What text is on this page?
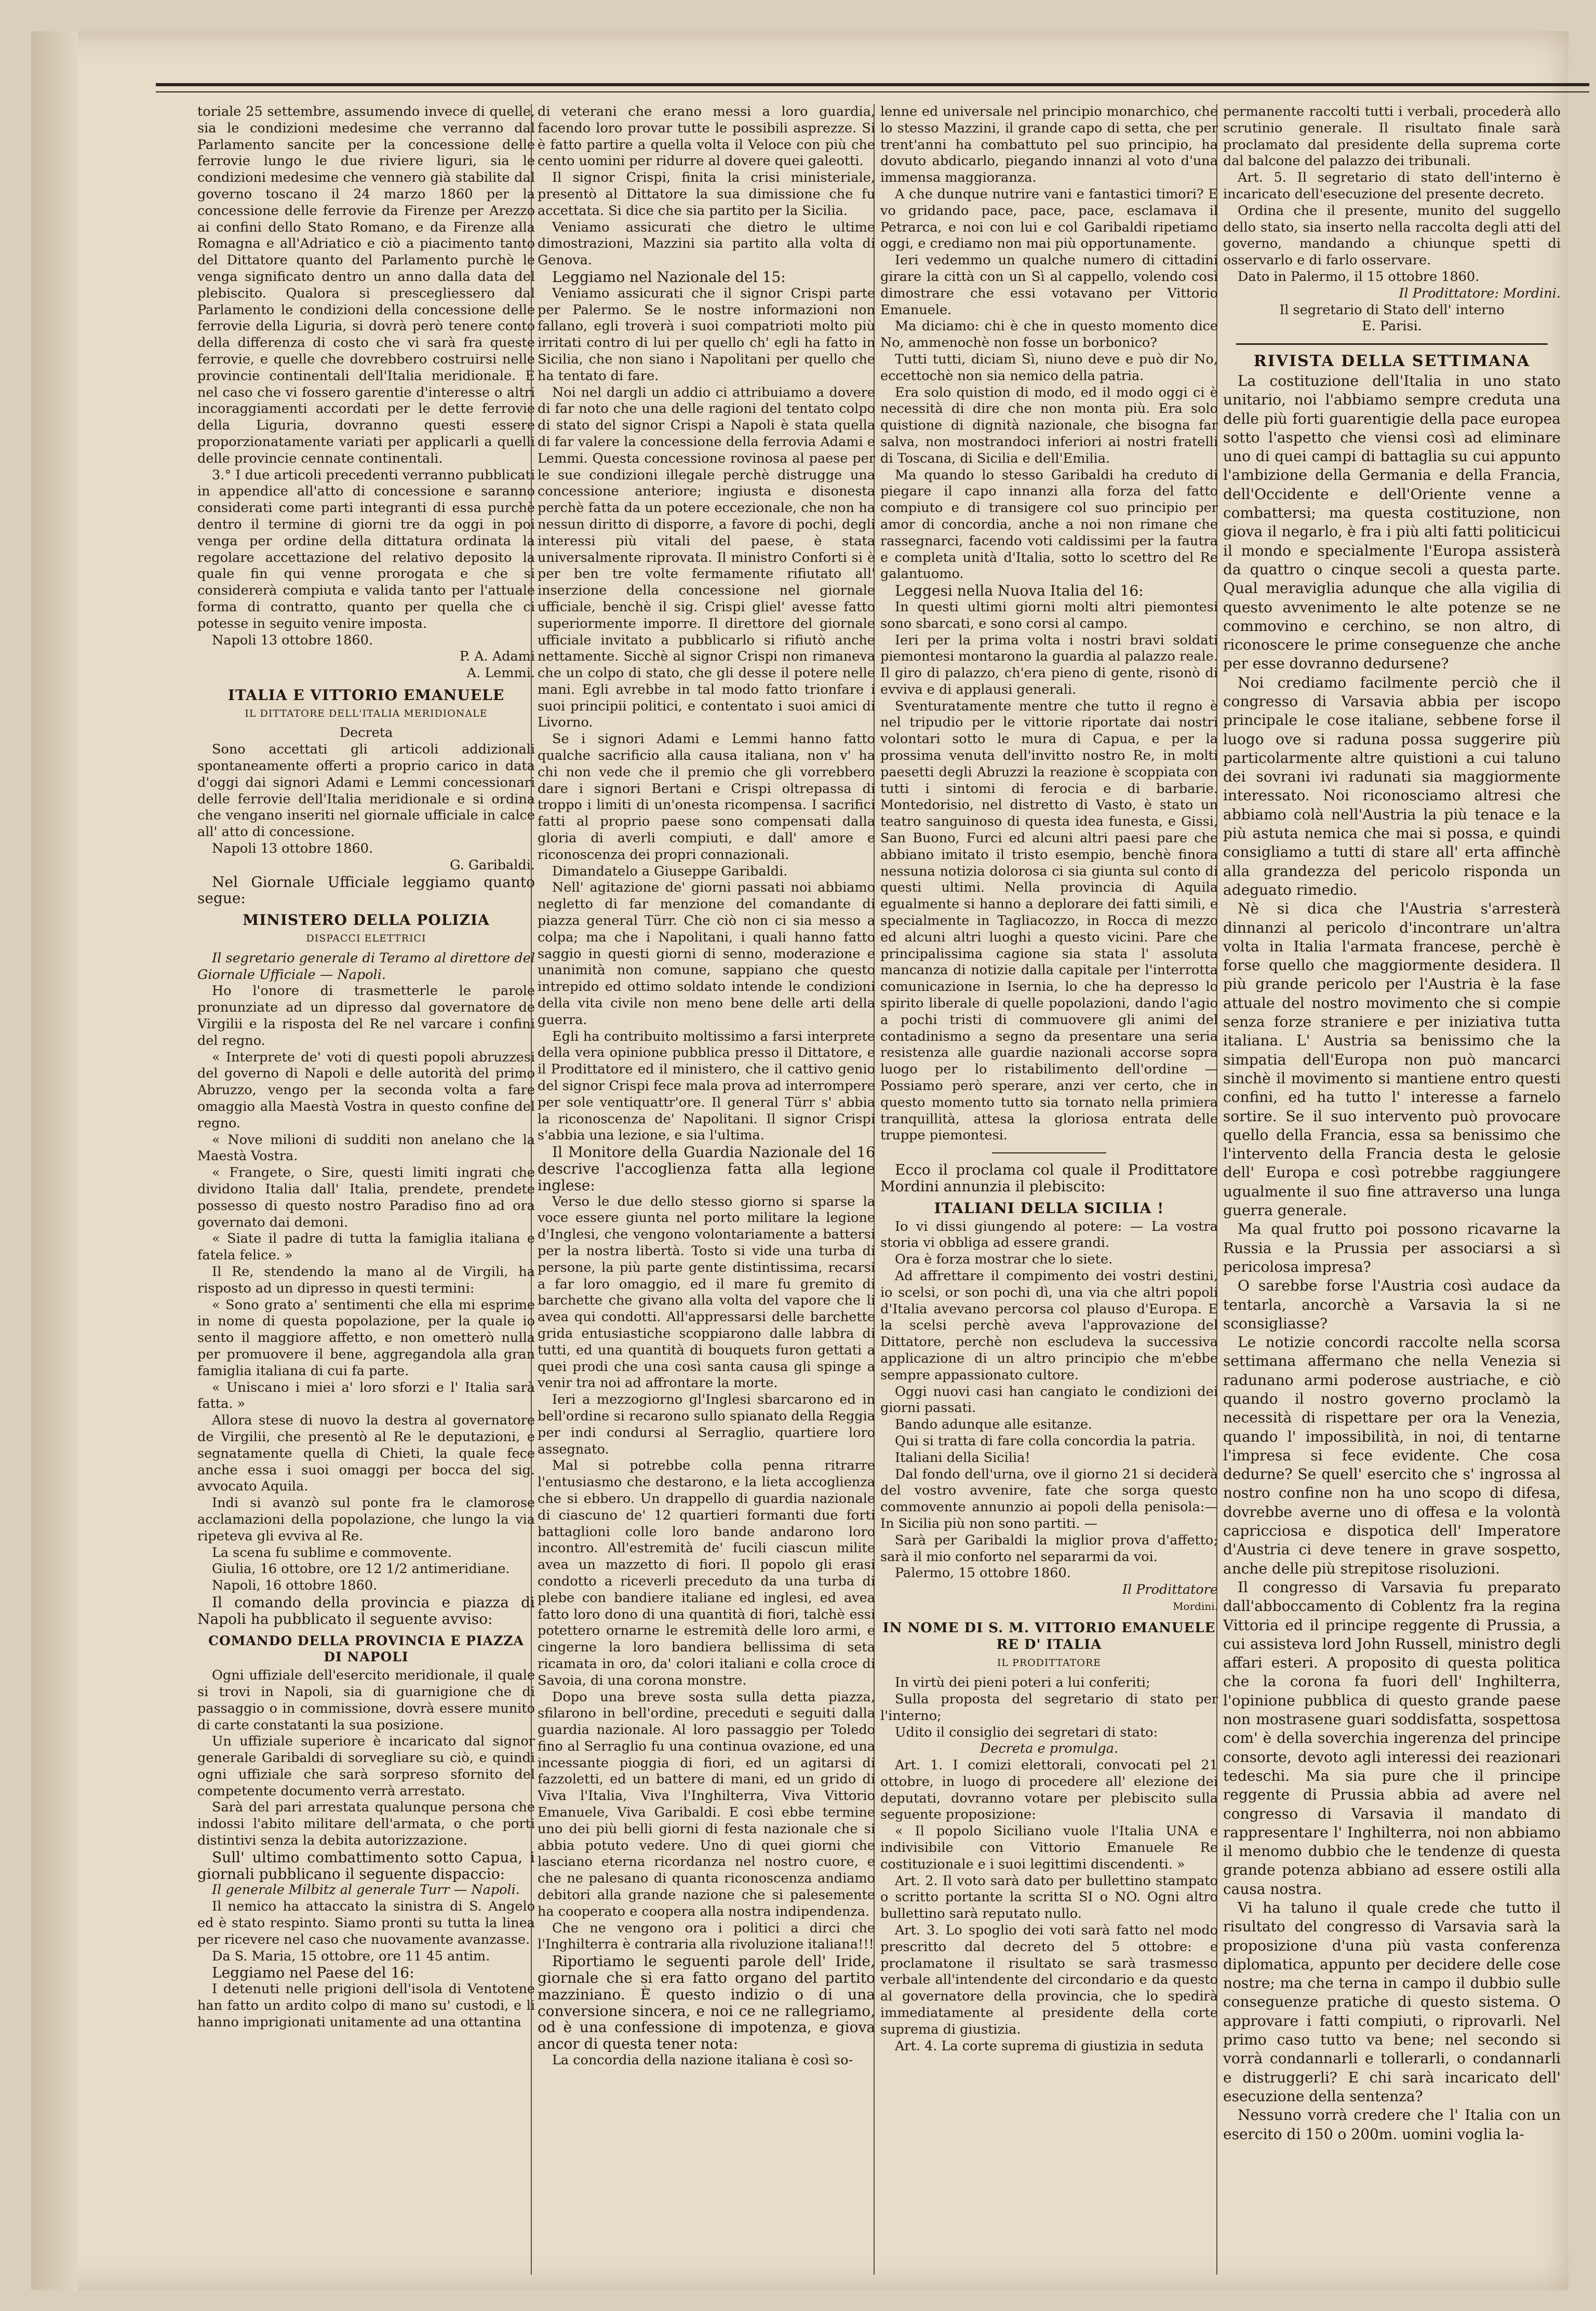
toriale 25 settembre, assumendo invece di quelle, sia le condizioni medesime che verranno dal Parlamento sancite per la concessione delle ferrovie lungo le due riviere liguri, sia le condizioni medesime che vennero già stabilite dal governo toscano il 24 marzo 1860 per la concessione delle ferrovie da Firenze per Arezzo ai confini dello Stato Romano, e da Firenze alla Romagna e all'Adriatico e ciò a piacimento tanto del Dittatore quanto del Parlamento purchè le venga significato dentro un anno dalla data del plebiscito. Qualora si prescegliessero dal Parlamento le condizioni della concessione delle ferrovie della Liguria, si dovrà però tenere conto della differenza di costo che vi sarà fra queste ferrovie, e quelle che dovrebbero costruirsi nelle provincie continentali dell'Italia meridionale. E nel caso che vi fossero garentie d'interesse o altri incoraggiamenti accordati per le dette ferrovie della Liguria, dovranno questi essere proporzionatamente variati per applicarli a quelli delle provincie cennate continentali.

3.° I due articoli precedenti verranno pubblicati in appendice all'atto di concessione e saranno considerati come parti integranti di essa purchè dentro il termine di giorni tre da oggi in poi venga per ordine della dittatura ordinata la regolare accettazione del relativo deposito la quale fin qui venne prorogata e che si considererà compiuta e valida tanto per l'attuale forma di contratto, quanto per quella che ci potesse in seguito venire imposta.

Napoli 13 ottobre 1860.

P. A. Adami

A. Lemmi.

ITALIA E VITTORIO EMANUELE

IL DITTATORE DELL'ITALIA MERIDIONALE

Decreta

Sono accettati gli articoli addizionali spontaneamente offerti a proprio carico in data d'oggi dai signori Adami e Lemmi concessionari delle ferrovie dell'Italia meridionale e si ordina che vengano inseriti nel giornale ufficiale in calce all' atto di concessione.

Napoli 13 ottobre 1860.

G. Garibaldi.

Nel Giornale Ufficiale leggiamo quanto segue:

MINISTERO DELLA POLIZIA

DISPACCI ELETTRICI

Il segretario generale di Teramo al direttore del Giornale Ufficiale — Napoli.

Ho l'onore di trasmetterle le parole pronunziate ad un dipresso dal governatore de Virgilii e la risposta del Re nel varcare i confini del regno.

« Interprete de' voti di questi popoli abruzzesi del governo di Napoli e delle autorità del primo Abruzzo, vengo per la seconda volta a fare omaggio alla Maestà Vostra in questo confine del regno.

« Nove milioni di sudditi non anelano che la Maestà Vostra.

« Frangete, o Sire, questi limiti ingrati che dividono Italia dall' Italia, prendete, prendete possesso di questo nostro Paradiso fino ad ora governato dai demoni.

« Siate il padre di tutta la famiglia italiana e fatela felice. »

Il Re, stendendo la mano al de Virgili, ha risposto ad un dipresso in questi termini:

« Sono grato a' sentimenti che ella mi esprime in nome di questa popolazione, per la quale io sento il maggiore affetto, e non ometterò nulla per promuovere il bene, aggregandola alla gran famiglia italiana di cui fa parte.

« Uniscano i miei a' loro sforzi e l' Italia sarà fatta. »

Allora stese di nuovo la destra al governatore de Virgilii, che presentò al Re le deputazioni, e segnatamente quella di Chieti, la quale fece anche essa i suoi omaggi per bocca del sig. avvocato Aquila.

Indi si avanzò sul ponte fra le clamorose acclamazioni della popolazione, che lungo la via ripeteva gli evviva al Re.

La scena fu sublime e commovente.

Giulia, 16 ottobre, ore 12 1/2 antimeridiane.

Napoli, 16 ottobre 1860.

Il comando della provincia e piazza di Napoli ha pubblicato il seguente avviso:

COMANDO DELLA PROVINCIA E PIAZZA DI NAPOLI

Ogni uffiziale dell'esercito meridionale, il quale si trovi in Napoli, sia di guarnigione che di passaggio o in commissione, dovrà essere munito di carte constatanti la sua posizione.

Un uffiziale superiore è incaricato dal signor generale Garibaldi di sorvegliare su ciò, e quindi ogni uffiziale che sarà sorpreso sfornito del competente documento verrà arrestato.

Sarà del pari arrestata qualunque persona che indossi l'abito militare dell'armata, o che porti distintivi senza la debita autorizzazione.

Sull' ultimo combattimento sotto Capua, i giornali pubblicano il seguente dispaccio:

Il generale Milbitz al generale Turr — Napoli.

Il nemico ha attaccato la sinistra di S. Angelo ed è stato respinto. Siamo pronti su tutta la linea per ricevere nel caso che nuovamente avanzasse.

Da S. Maria, 15 ottobre, ore 11 45 antim.

Leggiamo nel Paese del 16:

I detenuti nelle prigioni dell'isola di Ventotene han fatto un ardito colpo di mano su' custodi, e li hanno imprigionati unitamente ad una ottantina

di veterani che erano messi a loro guardia, facendo loro provar tutte le possibili asprezze. Si è fatto partire a quella volta il Veloce con più che cento uomini per ridurre al dovere quei galeotti.

Il signor Crispi, finita la crisi ministeriale, presentò al Dittatore la sua dimissione che fu accettata. Si dice che sia partito per la Sicilia.

Veniamo assicurati che dietro le ultime dimostrazioni, Mazzini sia partito alla volta di Genova.

Leggiamo nel Nazionale del 15:

Veniamo assicurati che il signor Crispi parte per Palermo. Se le nostre informazioni non fallano, egli troverà i suoi compatrioti molto più irritati contro di lui per quello ch' egli ha fatto in Sicilia, che non siano i Napolitani per quello che ha tentato di fare.

Noi nel dargli un addio ci attribuiamo a dovere di far noto che una delle ragioni del tentato colpo di stato del signor Crispi a Napoli è stata quella di far valere la concessione della ferrovia Adami e Lemmi. Questa concessione rovinosa al paese per le sue condizioni illegale perchè distrugge una concessione anteriore; ingiusta e disonesta perchè fatta da un potere eccezionale, che non ha nessun diritto di disporre, a favore di pochi, degli interessi più vitali del paese, è stata universalmente riprovata. Il ministro Conforti si è per ben tre volte fermamente rifiutato all' inserzione della concessione nel giornale ufficiale, benchè il sig. Crispi gliel' avesse fatto superiormente imporre. Il direttore del giornale ufficiale invitato a pubblicarlo si rifiutò anche nettamente. Sicchè al signor Crispi non rimaneva che un colpo di stato, che gli desse il potere nelle mani. Egli avrebbe in tal modo fatto trionfare i suoi principii politici, e contentato i suoi amici di Livorno.

Se i signori Adami e Lemmi hanno fatto qualche sacrificio alla causa italiana, non v' ha chi non vede che il premio che gli vorrebbero dare i signori Bertani e Crispi oltrepassa di troppo i limiti di un'onesta ricompensa. I sacrifici fatti al proprio paese sono compensati dalla gloria di averli compiuti, e dall' amore e riconoscenza dei propri connazionali.

Dimandatelo a Giuseppe Garibaldi.

Nell' agitazione de' giorni passati noi abbiamo negletto di far menzione del comandante di piazza general Türr. Che ciò non ci sia messo a colpa; ma che i Napolitani, i quali hanno fatto saggio in questi giorni di senno, moderazione e unanimità non comune, sappiano che questo intrepido ed ottimo soldato intende le condizioni della vita civile non meno bene delle arti della guerra.

Egli ha contribuito moltissimo a farsi interprete della vera opinione pubblica presso il Dittatore, e il Prodittatore ed il ministero, che il cattivo genio del signor Crispi fece mala prova ad interrompere per sole ventiquattr'ore. Il general Türr s' abbia la riconoscenza de' Napolitani. Il signor Crispi s'abbia una lezione, e sia l'ultima.

Il Monitore della Guardia Nazionale del 16 descrive l'accoglienza fatta alla legione inglese:

Verso le due dello stesso giorno si sparse la voce essere giunta nel porto militare la legione d'Inglesi, che vengono volontariamente a battersi per la nostra libertà. Tosto si vide una turba di persone, la più parte gente distintissima, recarsi a far loro omaggio, ed il mare fu gremito di barchette che givano alla volta del vapore che li avea qui condotti. All'appressarsi delle barchette grida entusiastiche scoppiarono dalle labbra di tutti, ed una quantità di bouquets furon gettati a quei prodi che una così santa causa gli spinge a venir tra noi ad affrontare la morte.

Ieri a mezzogiorno gl'Inglesi sbarcarono ed in bell'ordine si recarono sullo spianato della Reggia per indi condursi al Serraglio, quartiere loro assegnato.

Mal si potrebbe colla penna ritrarre l'entusiasmo che destarono, e la lieta accoglienza che si ebbero. Un drappello di guardia nazionale di ciascuno de' 12 quartieri formanti due forti battaglioni colle loro bande andarono loro incontro. All'estremità de' fucili ciascun milite avea un mazzetto di fiori. Il popolo gli erasi condotto a riceverli preceduto da una turba di plebe con bandiere italiane ed inglesi, ed avea fatto loro dono di una quantità di fiori, talchè essi potettero ornarne le estremità delle loro armi, e cingerne la loro bandiera bellissima di seta ricamata in oro, da' colori italiani e colla croce di Savoia, di una corona monstre.

Dopo una breve sosta sulla detta piazza, sfilarono in bell'ordine, preceduti e seguiti dalla guardia nazionale. Al loro passaggio per Toledo fino al Serraglio fu una continua ovazione, ed una incessante pioggia di fiori, ed un agitarsi di fazzoletti, ed un battere di mani, ed un grido di Viva l'Italia, Viva l'Inghilterra, Viva Vittorio Emanuele, Viva Garibaldi. E così ebbe termine uno dei più belli giorni di festa nazionale che si abbia potuto vedere. Uno di quei giorni che lasciano eterna ricordanza nel nostro cuore, e che ne palesano di quanta riconoscenza andiamo debitori alla grande nazione che si palesemente ha cooperato e coopera alla nostra indipendenza.

Che ne vengono ora i politici a dirci che l'Inghilterra è contraria alla rivoluzione italiana!!!

Riportiamo le seguenti parole dell' Iride, giornale che si era fatto organo del partito mazziniano. È questo indizio o di una conversione sincera, e noi ce ne rallegriamo, od è una confessione di impotenza, e giova ancor di questa tener nota:

La concordia della nazione italiana è così so-

lenne ed universale nel principio monarchico, che lo stesso Mazzini, il grande capo di setta, che per trent'anni ha combattuto pel suo principio, ha dovuto abdicarlo, piegando innanzi al voto d'una immensa maggioranza.

A che dunque nutrire vani e fantastici timori? E vo gridando pace, pace, pace, esclamava il Petrarca, e noi con lui e col Garibaldi ripetiamo oggi, e crediamo non mai più opportunamente.

Ieri vedemmo un qualche numero di cittadini girare la città con un Sì al cappello, volendo così dimostrare che essi votavano per Vittorio Emanuele.

Ma diciamo: chi è che in questo momento dice No, ammenochè non fosse un borbonico?

Tutti tutti, diciam Sì, niuno deve e può dir No, eccettochè non sia nemico della patria.

Era solo quistion di modo, ed il modo oggi ci è necessità di dire che non monta più. Era solo quistione di dignità nazionale, che bisogna far salva, non mostrandoci inferiori ai nostri fratelli di Toscana, di Sicilia e dell'Emilia.

Ma quando lo stesso Garibaldi ha creduto di piegare il capo innanzi alla forza del fatto compiuto e di transigere col suo principio per amor di concordia, anche a noi non rimane che rassegnarci, facendo voti caldissimi per la fautra e completa unità d'Italia, sotto lo scettro del Re galantuomo.

Leggesi nella Nuova Italia del 16:

In questi ultimi giorni molti altri piemontesi sono sbarcati, e sono corsi al campo.

Ieri per la prima volta i nostri bravi soldati piemontesi montarono la guardia al palazzo reale. Il giro di palazzo, ch'era pieno di gente, risonò di evviva e di applausi generali.

Sventuratamente mentre che tutto il regno è nel tripudio per le vittorie riportate dai nostri volontari sotto le mura di Capua, e per la prossima venuta dell'invitto nostro Re, in molti paesetti degli Abruzzi la reazione è scoppiata con tutti i sintomi di ferocia e di barbarie. Montedorisio, nel distretto di Vasto, è stato un teatro sanguinoso di questa idea funesta, e Gissi, San Buono, Furci ed alcuni altri paesi pare che abbiano imitato il tristo esempio, benchè finora nessuna notizia dolorosa ci sia giunta sul conto di questi ultimi. Nella provincia di Aquila egualmente si hanno a deplorare dei fatti simili, e specialmente in Tagliacozzo, in Rocca di mezzo ed alcuni altri luoghi a questo vicini. Pare che principalissima cagione sia stata l' assoluta mancanza di notizie dalla capitale per l'interrotta comunicazione in Isernia, lo che ha depresso lo spirito liberale di quelle popolazioni, dando l'agio a pochi tristi di commuovere gli animi del contadinismo a segno da presentare una seria resistenza alle guardie nazionali accorse sopra luogo per lo ristabilimento dell'ordine — Possiamo però sperare, anzi ver certo, che in questo momento tutto sia tornato nella primiera tranquillità, attesa la gloriosa entrata delle truppe piemontesi.

Ecco il proclama col quale il Prodittatore Mordini annunzia il plebiscito:

ITALIANI DELLA SICILIA !

Io vi dissi giungendo al potere: — La vostra storia vi obbliga ad essere grandi.

Ora è forza mostrar che lo siete.

Ad affrettare il compimento dei vostri destini, io scelsi, or son pochi dì, una via che altri popoli d'Italia avevano percorsa col plauso d'Europa. E la scelsi perchè aveva l'approvazione del Dittatore, perchè non escludeva la successiva applicazione di un altro principio che m'ebbe sempre appassionato cultore.

Oggi nuovi casi han cangiato le condizioni dei giorni passati.

Bando adunque alle esitanze.

Qui si tratta di fare colla concordia la patria.

Italiani della Sicilia!

Dal fondo dell'urna, ove il giorno 21 si deciderà del vostro avvenire, fate che sorga questo commovente annunzio ai popoli della penisola:— In Sicilia più non sono partiti. —

Sarà per Garibaldi la miglior prova d'affetto; sarà il mio conforto nel separarmi da voi.

Palermo, 15 ottobre 1860.

Il Prodittatore

Mordini.

IN NOME DI S. M. VITTORIO EMANUELE RE D' ITALIA

IL PRODITTATORE

In virtù dei pieni poteri a lui conferiti;

Sulla proposta del segretario di stato per l'interno;

Udito il consiglio dei segretari di stato:

Decreta e promulga.

Art. 1. I comizi elettorali, convocati pel 21 ottobre, in luogo di procedere all' elezione dei deputati, dovranno votare per plebiscito sulla seguente proposizione:

« Il popolo Siciliano vuole l'Italia UNA e indivisibile con Vittorio Emanuele Re costituzionale e i suoi legittimi discendenti. »

Art. 2. Il voto sarà dato per bullettino stampato o scritto portante la scritta SI o NO. Ogni altro bullettino sarà reputato nullo.

Art. 3. Lo spoglio dei voti sarà fatto nel modo prescritto dal decreto del 5 ottobre: e proclamatone il risultato se sarà trasmesso verbale all'intendente del circondario e da questo al governatore della provincia, che lo spedirà immediatamente al presidente della corte suprema di giustizia.

Art. 4. La corte suprema di giustizia in seduta

permanente raccolti tutti i verbali, procederà allo scrutinio generale. Il risultato finale sarà proclamato dal presidente della suprema corte dal balcone del palazzo dei tribunali.

Art. 5. Il segretario di stato dell'interno è incaricato dell'esecuzione del presente decreto.

Ordina che il presente, munito del suggello dello stato, sia inserto nella raccolta degli atti del governo, mandando a chiunque spetti di osservarlo e di farlo osservare.

Dato in Palermo, il 15 ottobre 1860.

Il Prodittatore: Mordini.

Il segretario di Stato dell' interno

E. Parisi.

RIVISTA DELLA SETTIMANA

La costituzione dell'Italia in uno stato unitario, noi l'abbiamo sempre creduta una delle più forti guarentigie della pace europea sotto l'aspetto che viensi così ad eliminare uno di quei campi di battaglia su cui appunto l'ambizione della Germania e della Francia, dell'Occidente e dell'Oriente venne a combattersi; ma questa costituzione, non giova il negarlo, è fra i più alti fatti politicicui il mondo e specialmente l'Europa assisterà da quattro o cinque secoli a questa parte. Qual meraviglia adunque che alla vigilia di questo avvenimento le alte potenze se ne commovino e cerchino, se non altro, di riconoscere le prime conseguenze che anche per esse dovranno dedursene?

Noi crediamo facilmente perciò che il congresso di Varsavia abbia per iscopo principale le cose italiane, sebbene forse il luogo ove si raduna possa suggerire più particolarmente altre quistioni a cui taluno dei sovrani ivi radunati sia maggiormente interessato. Noi riconosciamo altresi che abbiamo colà nell'Austria la più tenace e la più astuta nemica che mai si possa, e quindi consigliamo a tutti di stare all' erta affinchè alla grandezza del pericolo risponda un adeguato rimedio.

Nè si dica che l'Austria s'arresterà dinnanzi al pericolo d'incontrare un'altra volta in Italia l'armata francese, perchè è forse quello che maggiormente desidera. Il più grande pericolo per l'Austria è la fase attuale del nostro movimento che si compie senza forze straniere e per iniziativa tutta italiana. L' Austria sa benissimo che la simpatia dell'Europa non può mancarci sinchè il movimento si mantiene entro questi confini, ed ha tutto l' interesse a farnelo sortire. Se il suo intervento può provocare quello della Francia, essa sa benissimo che l'intervento della Francia desta le gelosie dell' Europa e così potrebbe raggiungere ugualmente il suo fine attraverso una lunga guerra generale.

Ma qual frutto poi possono ricavarne la Russia e la Prussia per associarsi a sì pericolosa impresa?

O sarebbe forse l'Austria così audace da tentarla, ancorchè a Varsavia la si ne sconsigliasse?

Le notizie concordi raccolte nella scorsa settimana affermano che nella Venezia si radunano armi poderose austriache, e ciò quando il nostro governo proclamò la necessità di rispettare per ora la Venezia, quando l' impossibilità, in noi, di tentarne l'impresa si fece evidente. Che cosa dedurne? Se quell' esercito che s' ingrossa al nostro confine non ha uno scopo di difesa, dovrebbe averne uno di offesa e la volontà capricciosa e dispotica dell' Imperatore d'Austria ci deve tenere in grave sospetto, anche delle più strepitose risoluzioni.

Il congresso di Varsavia fu preparato dall'abboccamento di Coblentz fra la regina Vittoria ed il principe reggente di Prussia, a cui assisteva lord John Russell, ministro degli affari esteri. A proposito di questa politica che la corona fa fuori dell' Inghilterra, l'opinione pubblica di questo grande paese non mostrasene guari soddisfatta, sospettosa com' è della soverchia ingerenza del principe consorte, devoto agli interessi dei reazionari tedeschi. Ma sia pure che il principe reggente di Prussia abbia ad avere nel congresso di Varsavia il mandato di rappresentare l' Inghilterra, noi non abbiamo il menomo dubbio che le tendenze di questa grande potenza abbiano ad essere ostili alla causa nostra.

Vi ha taluno il quale crede che tutto il risultato del congresso di Varsavia sarà la proposizione d'una più vasta conferenza diplomatica, appunto per decidere delle cose nostre; ma che terna in campo il dubbio sulle conseguenze pratiche di questo sistema. O approvare i fatti compiuti, o riprovarli. Nel primo caso tutto va bene; nel secondo si vorrà condannarli e tollerarli, o condannarli e distruggerli? E chi sarà incaricato dell' esecuzione della sentenza?

Nessuno vorrà credere che l' Italia con un esercito di 150 o 200m. uomini voglia la-
